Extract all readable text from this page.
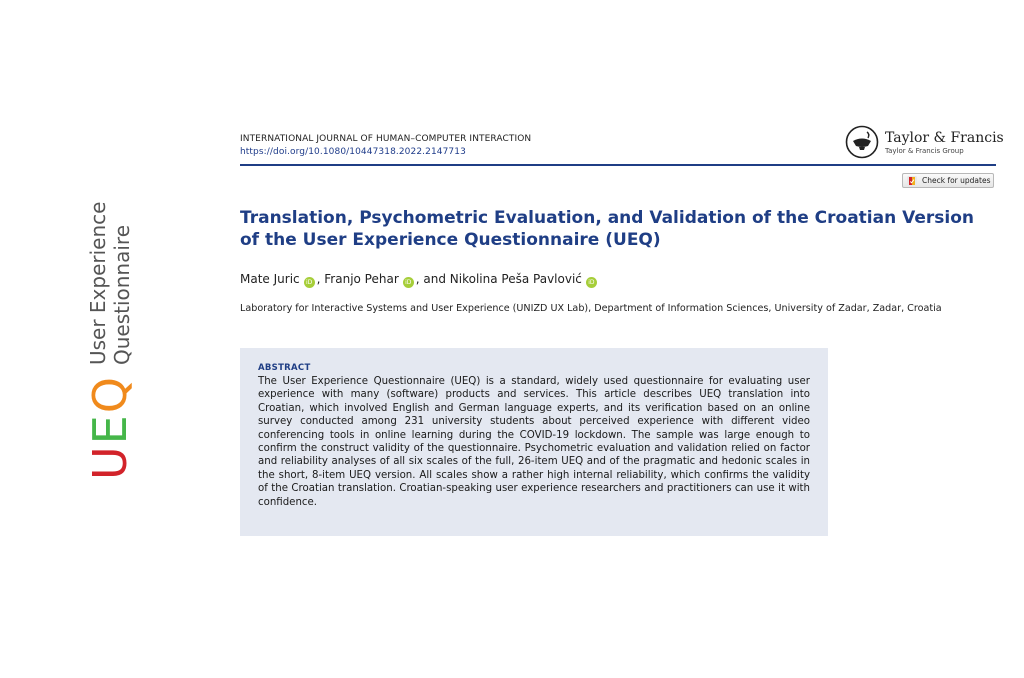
U
E
Q
User Experience Questionnaire
INTERNATIONAL JOURNAL OF HUMAN–COMPUTER INTERACTION
https://doi.org/10.1080/10447318.2022.2147713
Taylor & Francis
Taylor & Francis Group
Check for updates
Translation, Psychometric Evaluation, and Validation of the Croatian Version of the User Experience Questionnaire (UEQ)
Mate Juric iD , Franjo Pehar iD , and Nikolina Peša Pavlović iD
Laboratory for Interactive Systems and User Experience (UNIZD UX Lab), Department of Information Sciences, University of Zadar, Zadar, Croatia
ABSTRACT
The User Experience Questionnaire (UEQ) is a standard, widely used questionnaire for evaluating user experience with many (software) products and services. This article describes UEQ translation into Croatian, which involved English and German language experts, and its verification based on an online survey conducted among 231 university students about perceived experience with different video conferencing tools in online learning during the COVID-19 lockdown. The sample was large enough to confirm the construct validity of the questionnaire. Psychometric evaluation and validation relied on factor and reliability analyses of all six scales of the full, 26-item UEQ and of the pragmatic and hedonic scales in the short, 8-item UEQ version. All scales show a rather high internal reliability, which confirms the validity of the Croatian translation. Croatian-speaking user experience researchers and practitioners can use it with confidence.
